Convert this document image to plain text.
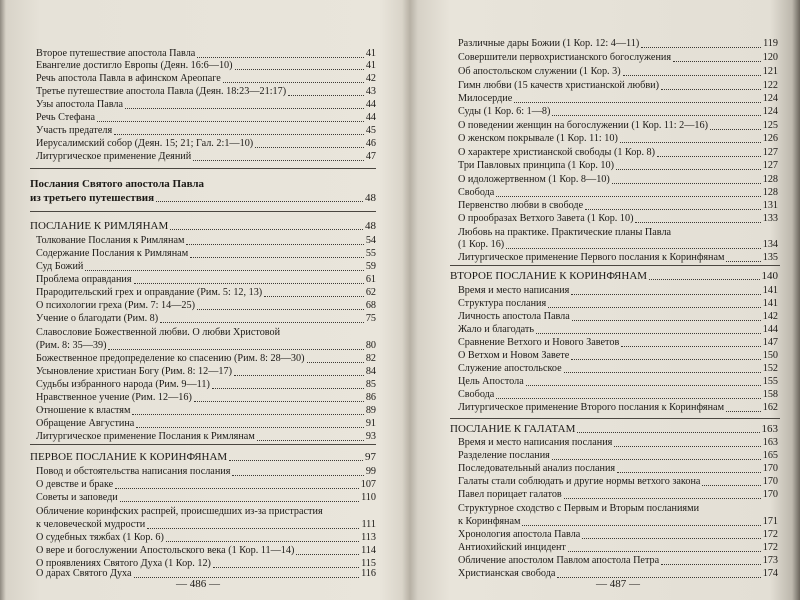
Второе путешествие апостола Павла	41
Евангелие достигло Европы (Деян. 16:6—10)	41
Речь апостола Павла в афинском Ареопаге	42
Третье путешествие апостола Павла (Деян. 18:23—21:17)	43
Узы апостола Павла	44
Речь Стефана	44
Участь предателя	45
Иерусалимский собор (Деян. 15; 21; Гал. 2:1—10)	46
Литургическое применение Деяний	47
Послания Святого апостола Павла
из третьего путешествия	48
ПОСЛАНИЕ К РИМЛЯНАМ	48
Толкование Послания к Римлянам	54
Содержание Послания к Римлянам	55
Суд Божий	59
Проблема оправдания	61
Прародительский грех и оправдание (Рим. 5: 12, 13)	62
О психологии греха (Рим. 7: 14—25)	68
Учение о благодати (Рим. 8)	75
Славословие Божественной любви. О любви Христовой
(Рим. 8: 35—39)	80
Божественное предопределение ко спасению (Рим. 8: 28—30)	82
Усыновление христиан Богу (Рим. 8: 12—17)	84
Судьбы избранного народа (Рим. 9—11)	85
Нравственное учение (Рим. 12—16)	86
Отношение к властям	89
Обращение Августина	91
Литургическое применение Послания к Римлянам	93
ПЕРВОЕ ПОСЛАНИЕ К КОРИНФЯНАМ	97
Повод и обстоятельства написания послания	99
О девстве и браке	107
Советы и заповеди	110
Обличение коринфских распрей, происшедших из-за пристрастия
к человеческой мудрости	111
О судебных тяжбах (1 Кор. 6)	113
О вере и богослужении Апостольского века (1 Кор. 11—14)	114
О проявлениях Святого Духа (1 Кор. 12)	115
О дарах Святого Духа	116
— 486 —
Различные дары Божии (1 Кор. 12: 4—11)	119
Совершители первохристианского богослужения	120
Об апостольском служении (1 Кор. 3)	121
Гимн любви (15 качеств христианской любви)	122
Милосердие	124
Суды (1 Кор. 6: 1—8)	124
О поведении женщин на богослужении (1 Кор. 11: 2—16)	125
О женском покрывале (1 Кор. 11: 10)	126
О характере христианской свободы (1 Кор. 8)	127
Три Павловых принципа (1 Кор. 10)	127
О идоложертвенном (1 Кор. 8—10)	128
Свобода	128
Первенство любви в свободе	131
О прообразах Ветхого Завета (1 Кор. 10)	133
Любовь на практике. Практические планы Павла
(1 Кор. 16)	134
Литургическое применение Первого послания к Коринфянам	135
ВТОРОЕ ПОСЛАНИЕ К КОРИНФЯНАМ	140
Время и место написания	141
Структура послания	141
Личность апостола Павла	142
Жало и благодать	144
Сравнение Ветхого и Нового Заветов	147
О Ветхом и Новом Завете	150
Служение апостольское	152
Цель Апостола	155
Свобода	158
Литургическое применение Второго послания к Коринфянам	162
ПОСЛАНИЕ К ГАЛАТАМ	163
Время и место написания послания	163
Разделение послания	165
Последовательный анализ послания	170
Галаты стали соблюдать и другие нормы ветхого закона	170
Павел порицает галатов	170
Структурное сходство с Первым и Вторым посланиями
к Коринфянам	171
Хронология апостола Павла	172
Антиохийский инцидент	172
Обличение апостолом Павлом апостола Петра	173
Христианская свобода	174
— 487 —
